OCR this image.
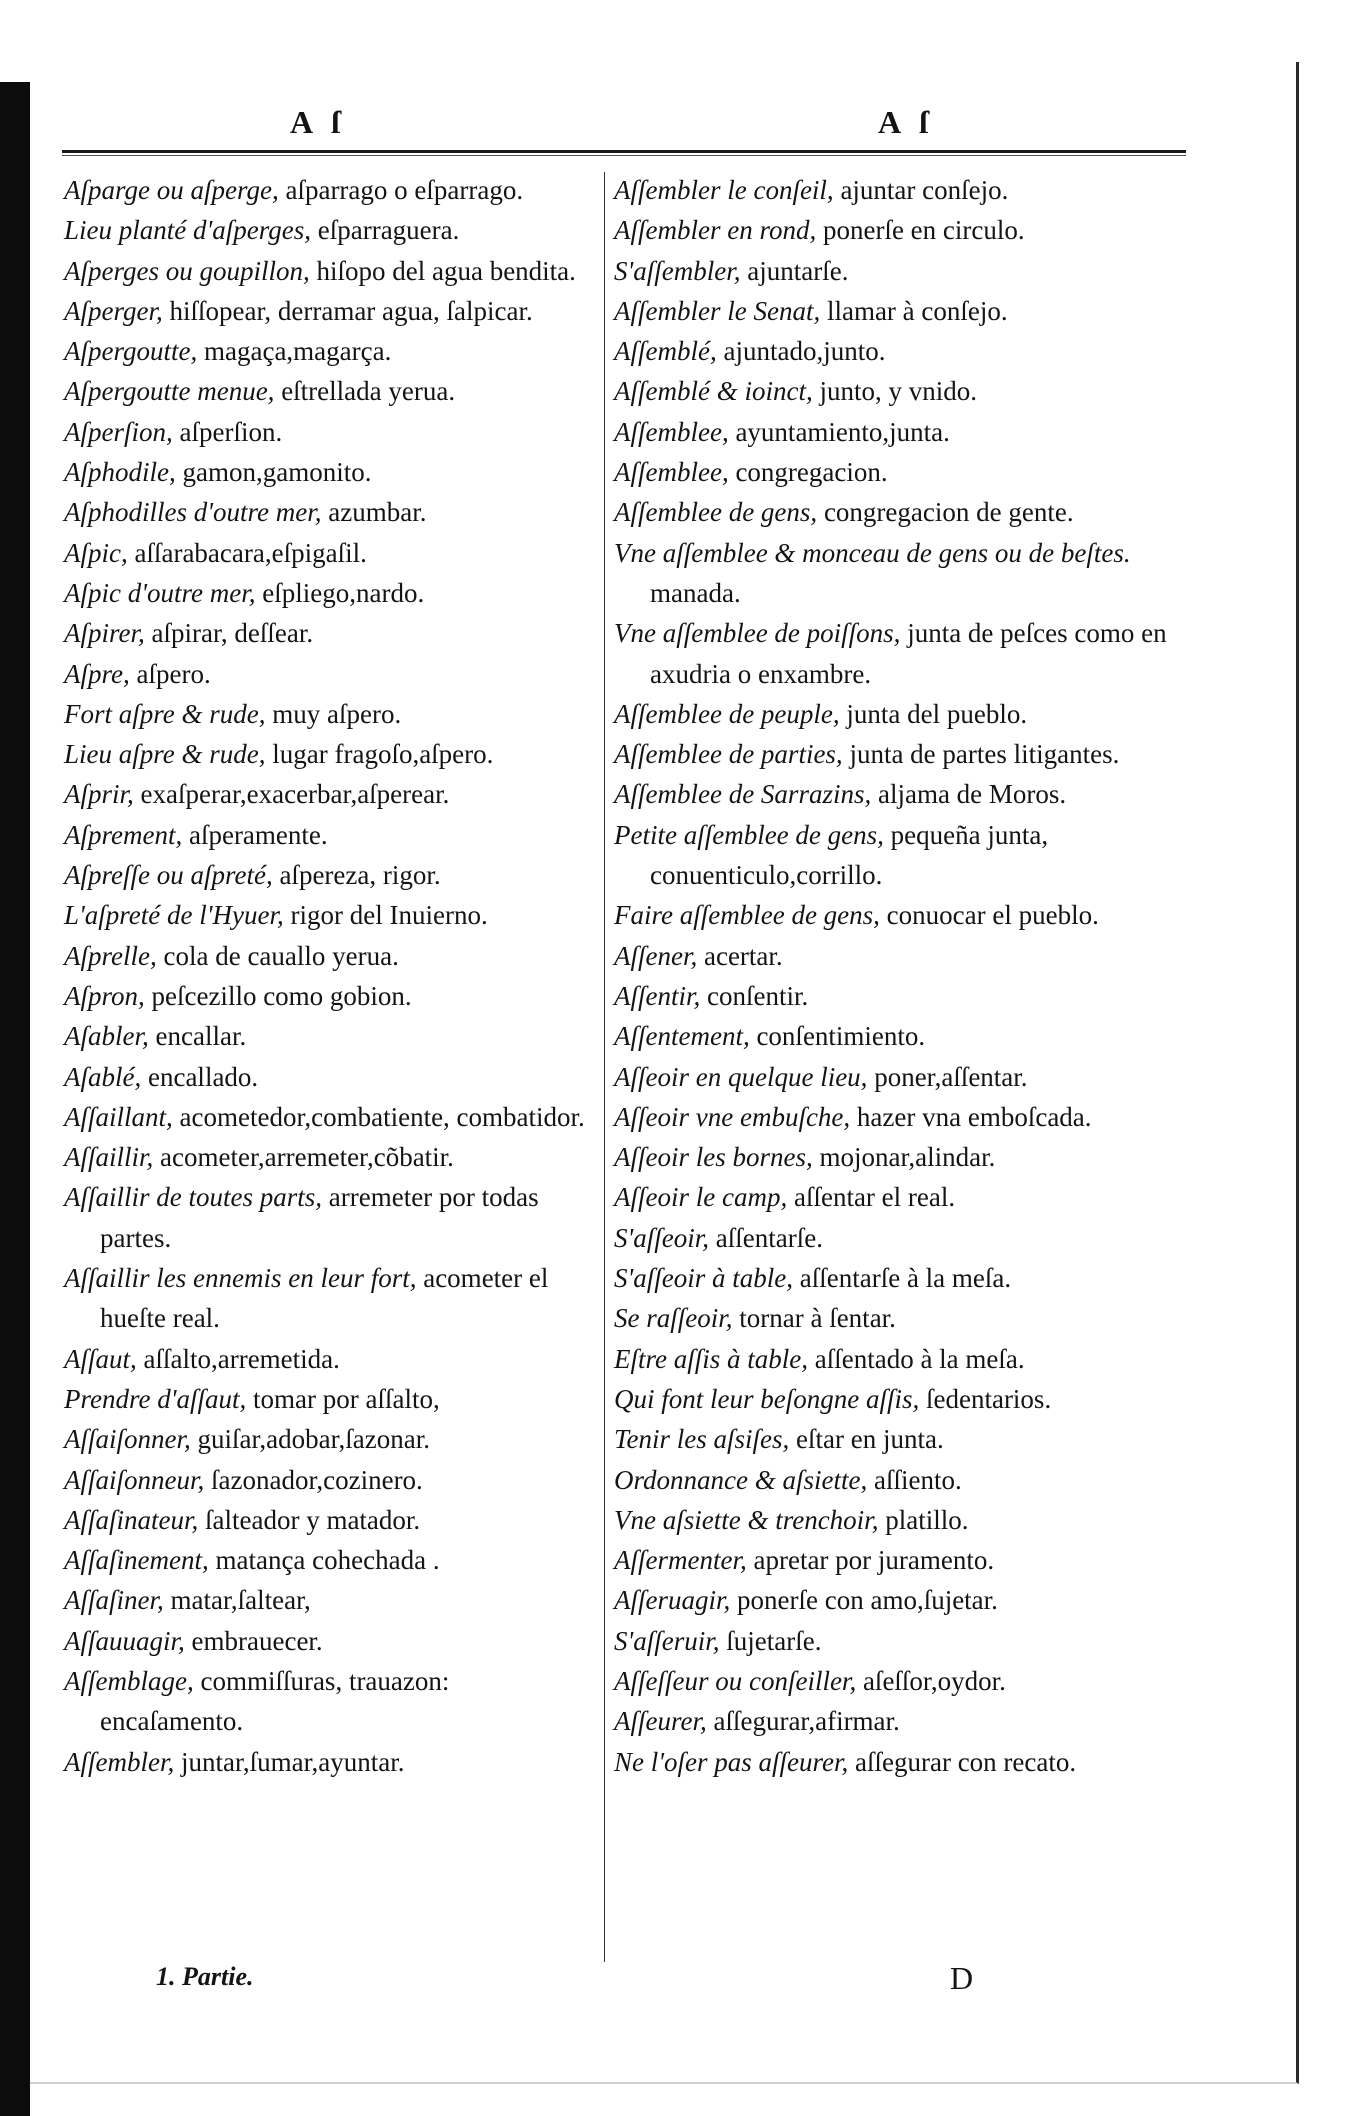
A ſ	A ſ

Aſparge ou aſperge, aſparrago o eſparrago.

Lieu planté d'aſperges, eſparraguera.

Aſperges ou goupillon, hiſopo del agua bendita.

Aſperger, hiſſopear, derramar agua, ſalpicar.

Aſpergoutte, magaça,magarça.

Aſpergoutte menue, eſtrellada yerua.

Aſperſion, aſperſion.

Aſphodile, gamon,gamonito.

Aſphodilles d'outre mer, azumbar.

Aſpic, aſſarabacara,eſpigaſil.

Aſpic d'outre mer, eſpliego,nardo.

Aſpirer, aſpirar, deſſear.

Aſpre, aſpero.

Fort aſpre & rude, muy aſpero.

Lieu aſpre & rude, lugar fragoſo,aſpero.

Aſprir, exaſperar,exacerbar,aſperear.

Aſprement, aſperamente.

Aſpreſſe ou aſpreté, aſpereza, rigor.

L'aſpreté de l'Hyuer, rigor del Inuierno.

Aſprelle, cola de cauallo yerua.

Aſpron, peſcezillo como gobion.

Aſabler, encallar.

Aſablé, encallado.

Aſſaillant, acometedor,combatiente, combatidor.

Aſſaillir, acometer,arremeter,cõbatir.

Aſſaillir de toutes parts, arremeter por todas partes.

Aſſaillir les ennemis en leur fort, acometer el hueſte real.

Aſſaut, aſſalto,arremetida.

Prendre d'aſſaut, tomar por aſſalto,

Aſſaiſonner, guiſar,adobar,ſazonar.

Aſſaiſonneur, ſazonador,cozinero.

Aſſaſinateur, ſalteador y matador.

Aſſaſinement, matança cohechada .

Aſſaſiner, matar,ſaltear,

Aſſauuagir, embrauecer.

Aſſemblage, commiſſuras, trauazon: encaſamento.

Aſſembler, juntar,ſumar,ayuntar.

Aſſembler le conſeil, ajuntar conſejo.

Aſſembler en rond, ponerſe en circulo.

S'aſſembler, ajuntarſe.

Aſſembler le Senat, llamar à conſejo.

Aſſemblé, ajuntado,junto.

Aſſemblé & ioinct, junto, y vnido.

Aſſemblee, ayuntamiento,junta.

Aſſemblee, congregacion.

Aſſemblee de gens, congregacion de gente.

Vne aſſemblee & monceau de gens ou de beſtes. manada.

Vne aſſemblee de poiſſons, junta de peſces como en axudria o enxambre.

Aſſemblee de peuple, junta del pueblo.

Aſſemblee de parties, junta de partes litigantes.

Aſſemblee de Sarrazins, aljama de Moros.

Petite aſſemblee de gens, pequeña junta, conuenticulo,corrillo.

Faire aſſemblee de gens, conuocar el pueblo.

Aſſener, acertar.

Aſſentir, conſentir.

Aſſentement, conſentimiento.

Aſſeoir en quelque lieu, poner,aſſentar.

Aſſeoir vne embuſche, hazer vna emboſcada.

Aſſeoir les bornes, mojonar,alindar.

Aſſeoir le camp, aſſentar el real.

S'aſſeoir, aſſentarſe.

S'aſſeoir à table, aſſentarſe à la meſa.

Se raſſeoir, tornar à ſentar.

Eſtre aſſis à table, aſſentado à la meſa.

Qui font leur beſongne aſſis, ſedentarios.

Tenir les aſsiſes, eſtar en junta.

Ordonnance & aſsiette, aſſiento.

Vne aſsiette & trenchoir, platillo.

Aſſermenter, apretar por juramento.

Aſſeruagir, ponerſe con amo,ſujetar.

S'aſſeruir, ſujetarſe.

Aſſeſſeur ou conſeiller, aſeſſor,oydor.

Aſſeurer, aſſegurar,afirmar.

Ne l'oſer pas aſſeurer, aſſegurar con recato.

1. Partie.	D
